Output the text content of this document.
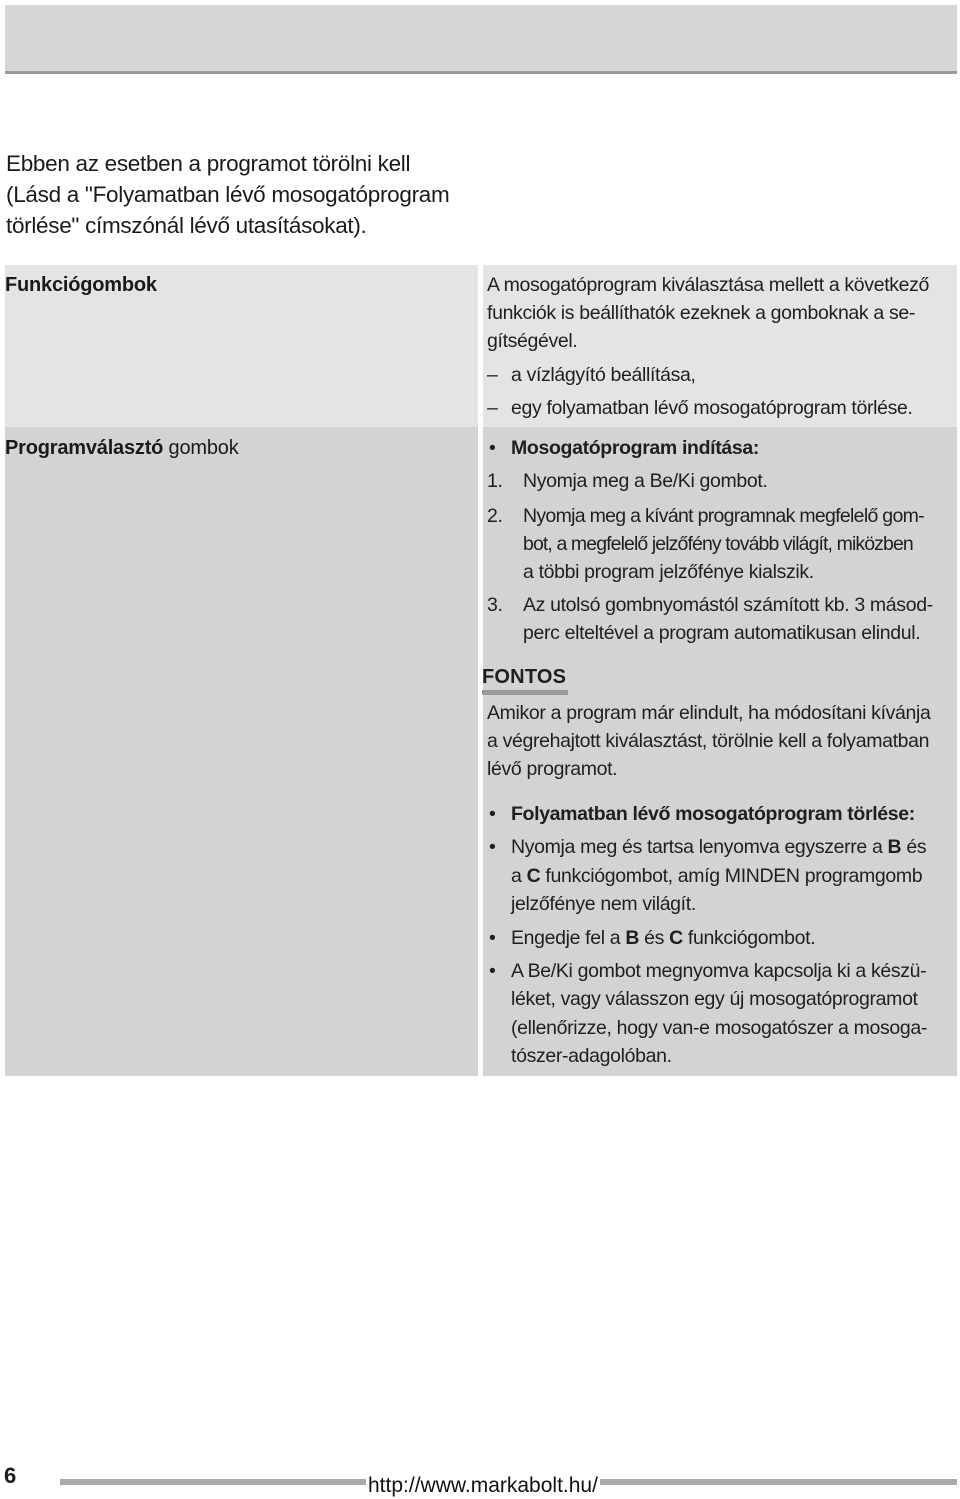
Ebben az esetben a programot törölni kell

(Lásd a "Folyamatban lévő mosogatóprogram

törlése" címszónál lévő utasításokat).

Funkciógombok	A mosogatóprogram kiválasztása mellett a következő
funkciók is beállíthatók ezeknek a gomboknak a se-
gítségével.
– a vízlágyító beállítása,
– egy folyamatban lévő mosogatóprogram törlése.
Programválasztó gombok	• Mosogatóprogram indítása:
1. Nyomja meg a Be/Ki gombot.
2. Nyomja meg a kívánt programnak megfelelő gom-
bot, a megfelelő jelzőfény tovább világít, miközben
a többi program jelzőfénye kialszik.
3. Az utolsó gombnyomástól számított kb. 3 másod-
perc elteltével a program automatikusan elindul.
FONTOS
Amikor a program már elindult, ha módosítani kívánja
a végrehajtott kiválasztást, törölnie kell a folyamatban
lévő programot.
• Folyamatban lévő mosogatóprogram törlése:
• Nyomja meg és tartsa lenyomva egyszerre a B és
a C funkciógombot, amíg MINDEN programgomb
jelzőfénye nem világít.
• Engedje fel a B és C funkciógombot.
• A Be/Ki gombot megnyomva kapcsolja ki a készü-
léket, vagy válasszon egy új mosogatóprogramot
(ellenőrizze, hogy van-e mosogatószer a mosoga-
tószer-adagolóban.
6	http://www.markabolt.hu/
